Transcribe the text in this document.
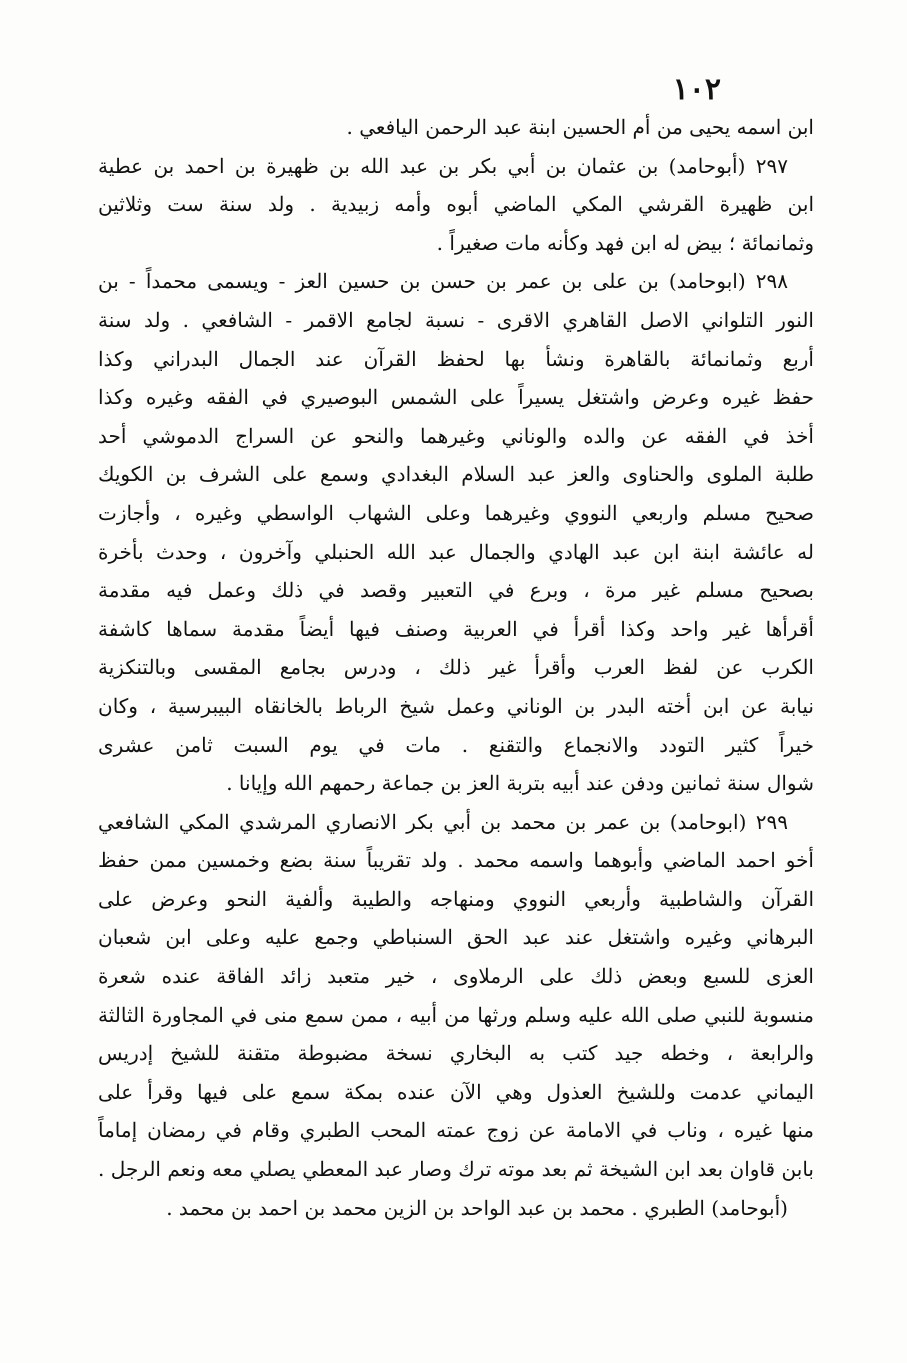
١٠٢
ابن اسمه يحيى من أم الحسين ابنة عبد الرحمن اليافعي .
٢٩٧ (أبوحامد) بن عثمان بن أبي بكر بن عبد الله بن ظهيرة بن احمد بن عطية
ابن ظهيرة القرشي المكي الماضي أبوه وأمه زبيدية . ولد سنة ست وثلاثين
وثمانمائة ؛ بيض له ابن فهد وكأنه مات صغيراً .
٢٩٨ (ابوحامد) بن على بن عمر بن حسن بن حسين العز - ويسمى محمداً - بن
النور التلواني الاصل القاهري الاقرى - نسبة لجامع الاقمر - الشافعي . ولد سنة
أربع وثمانمائة بالقاهرة ونشأ بها لحفظ القرآن عند الجمال البدراني وكذا
حفظ غيره وعرض واشتغل يسيراً على الشمس البوصيري في الفقه وغيره وكذا
أخذ في الفقه عن والده والوناني وغيرهما والنحو عن السراج الدموشي أحد
طلبة الملوى والحناوى والعز عبد السلام البغدادي وسمع على الشرف بن الكويك
صحيح مسلم واربعي النووي وغيرهما وعلى الشهاب الواسطي وغيره ، وأجازت
له عائشة ابنة ابن عبد الهادي والجمال عبد الله الحنبلي وآخرون ، وحدث بأخرة
بصحيح مسلم غير مرة ، وبرع في التعبير وقصد في ذلك وعمل فيه مقدمة
أقرأها غير واحد وكذا أقرأ في العربية وصنف فيها أيضاً مقدمة سماها كاشفة
الكرب عن لفظ العرب وأقرأ غير ذلك ، ودرس بجامع المقسى وبالتنكزية
نيابة عن ابن أخته البدر بن الوناني وعمل شيخ الرباط بالخانقاه البيبرسية ، وكان
خيراً كثير التودد والانجماع والتقنع . مات في يوم السبت ثامن عشرى
شوال سنة ثمانين ودفن عند أبيه بتربة العز بن جماعة رحمهم الله وإيانا .
٢٩٩ (ابوحامد) بن عمر بن محمد بن أبي بكر الانصاري المرشدي المكي الشافعي
أخو احمد الماضي وأبوهما واسمه محمد . ولد تقريباً سنة بضع وخمسين ممن حفظ
القرآن والشاطبية وأربعي النووي ومنهاجه والطيبة وألفية النحو وعرض على
البرهاني وغيره واشتغل عند عبد الحق السنباطي وجمع عليه وعلى ابن شعبان
العزى للسبع وبعض ذلك على الرملاوى ، خير متعبد زائد الفاقة عنده شعرة
منسوبة للنبي صلى الله عليه وسلم ورثها من أبيه ، ممن سمع منى في المجاورة الثالثة
والرابعة ، وخطه جيد كتب به البخاري نسخة مضبوطة متقنة للشيخ إدريس
اليماني عدمت وللشيخ العذول وهي الآن عنده بمكة سمع على فيها وقرأ على
منها غيره ، وناب في الامامة عن زوج عمته المحب الطبري وقام في رمضان إماماً
بابن قاوان بعد ابن الشيخة ثم بعد موته ترك وصار عبد المعطي يصلي معه ونعم الرجل .
(أبوحامد) الطبري . محمد بن عبد الواحد بن الزين محمد بن احمد بن محمد .
